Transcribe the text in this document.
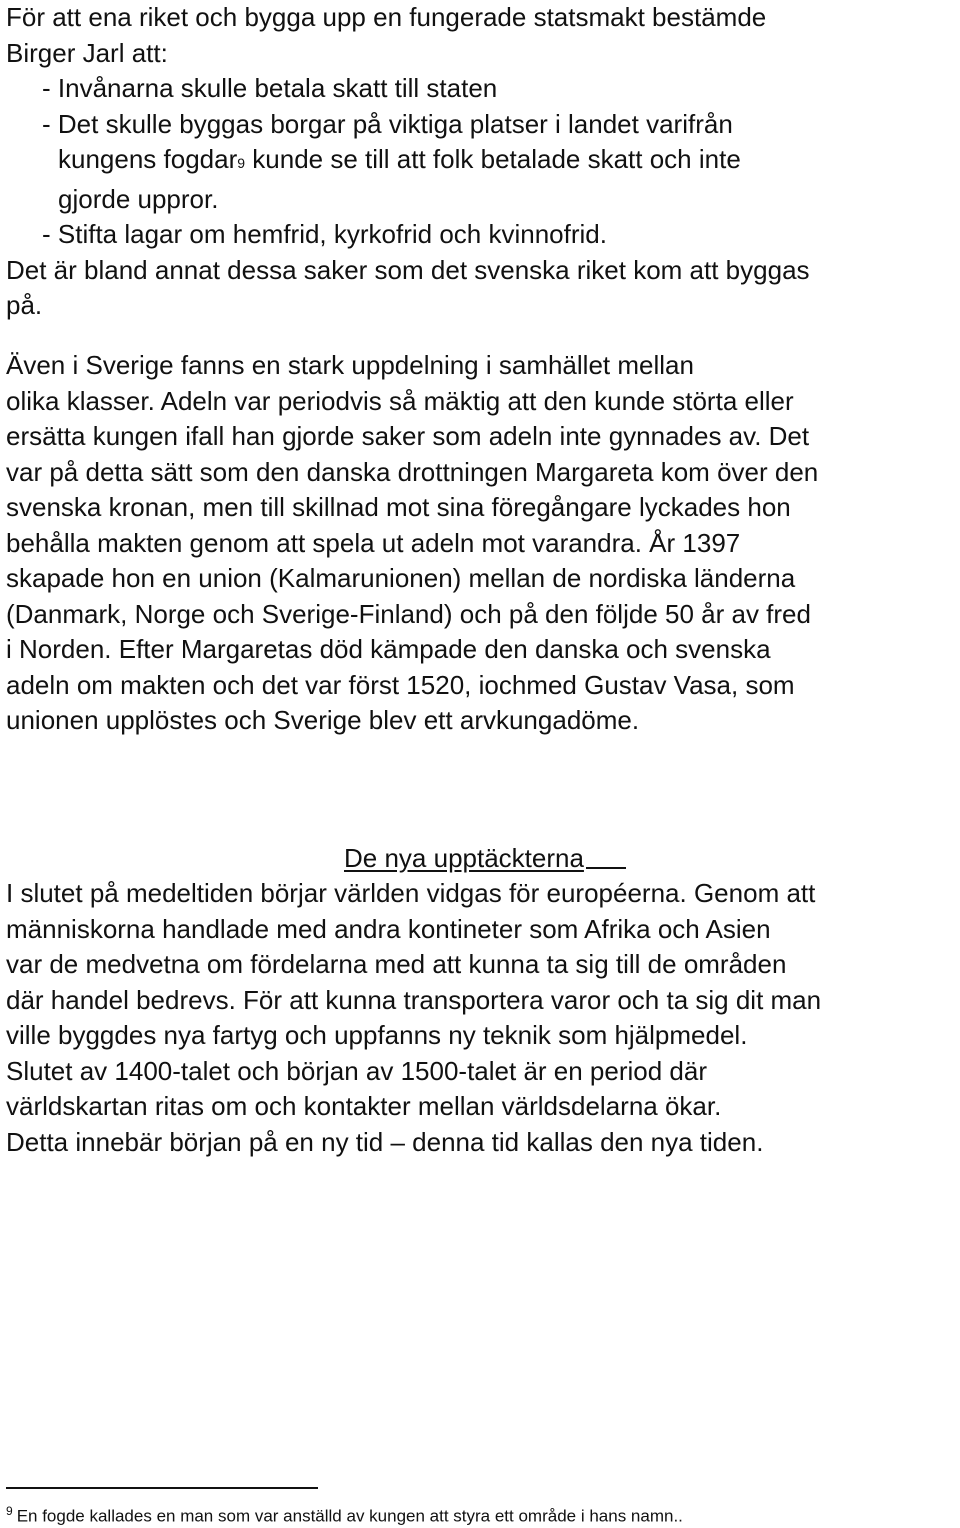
För att ena riket och bygga upp en fungerade statsmakt bestämde
Birger Jarl att:
- Invånarna skulle betala skatt till staten
- Det skulle byggas borgar på viktiga platser i landet varifrån
kungens fogdar9 kunde se till att folk betalade skatt och inte
gjorde uppror.
- Stifta lagar om hemfrid, kyrkofrid och kvinnofrid.
Det är bland annat dessa saker som det svenska riket kom att byggas
på.
Även i Sverige fanns en stark uppdelning i samhället mellan
olika klasser. Adeln var periodvis så mäktig att den kunde störta eller
ersätta kungen ifall han gjorde saker som adeln inte gynnades av. Det
var på detta sätt som den danska drottningen Margareta kom över den
svenska kronan, men till skillnad mot sina föregångare lyckades hon
behålla makten genom att spela ut adeln mot varandra. År 1397
skapade hon en union (Kalmarunionen) mellan de nordiska länderna
(Danmark, Norge och Sverige-Finland) och på den följde 50 år av fred
i Norden. Efter Margaretas död kämpade den danska och svenska
adeln om makten och det var först 1520, iochmed Gustav Vasa, som
unionen upplöstes och Sverige blev ett arvkungadöme.
De nya upptäckterna
I slutet på medeltiden börjar världen vidgas för européerna. Genom att
människorna handlade med andra kontineter som Afrika och Asien
var de medvetna om fördelarna med att kunna ta sig till de områden
där handel bedrevs. För att kunna transportera varor och ta sig dit man
ville byggdes nya fartyg och uppfanns ny teknik som hjälpmedel.
Slutet av 1400-talet och början av 1500-talet är en period där
världskartan ritas om och kontakter mellan världsdelarna ökar.
Detta innebär början på en ny tid – denna tid kallas den nya tiden.
$^9$ En fogde kallades en man som var anställd av kungen att styra ett område i hans namn..
